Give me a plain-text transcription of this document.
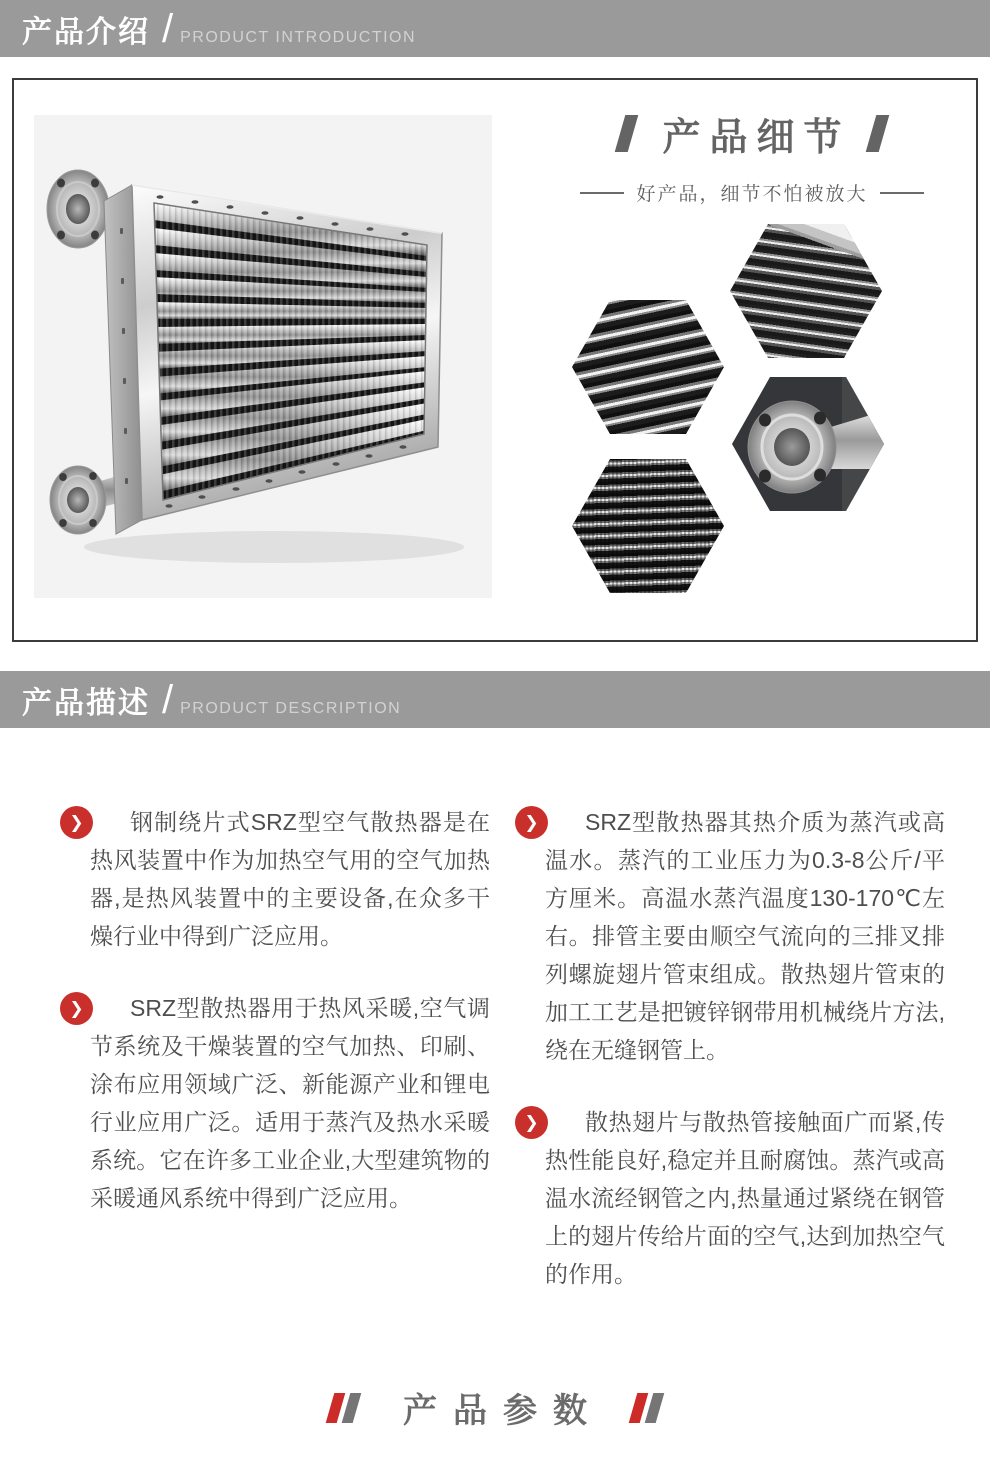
产品介绍 / PRODUCT INTRODUCTION
产品细节
好产品，细节不怕被放大
产品描述 / PRODUCT DESCRIPTION

❯	钢制绕片式SRZ型空气散热器是在热风装置中作为加热空气用的空气加热器,是热风装置中的主要设备,在众多干燥行业中得到广泛应用。

❯	SRZ型散热器用于热风采暖,空气调节系统及干燥装置的空气加热、印刷、涂布应用领域广泛、新能源产业和锂电行业应用广泛。适用于蒸汽及热水采暖系统。它在许多工业企业,大型建筑物的采暖通风系统中得到广泛应用。

❯	SRZ型散热器其热介质为蒸汽或高温水。蒸汽的工业压力为0.3-8公斤/平方厘米。高温水蒸汽温度130-170℃左右。排管主要由顺空气流向的三排叉排列螺旋翅片管束组成。散热翅片管束的加工工艺是把镀锌钢带用机械绕片方法,绕在无缝钢管上。

❯	散热翅片与散热管接触面广而紧,传热性能良好,稳定并且耐腐蚀。蒸汽或高温水流经钢管之内,热量通过紧绕在钢管上的翅片传给片面的空气,达到加热空气的作用。

产品参数
